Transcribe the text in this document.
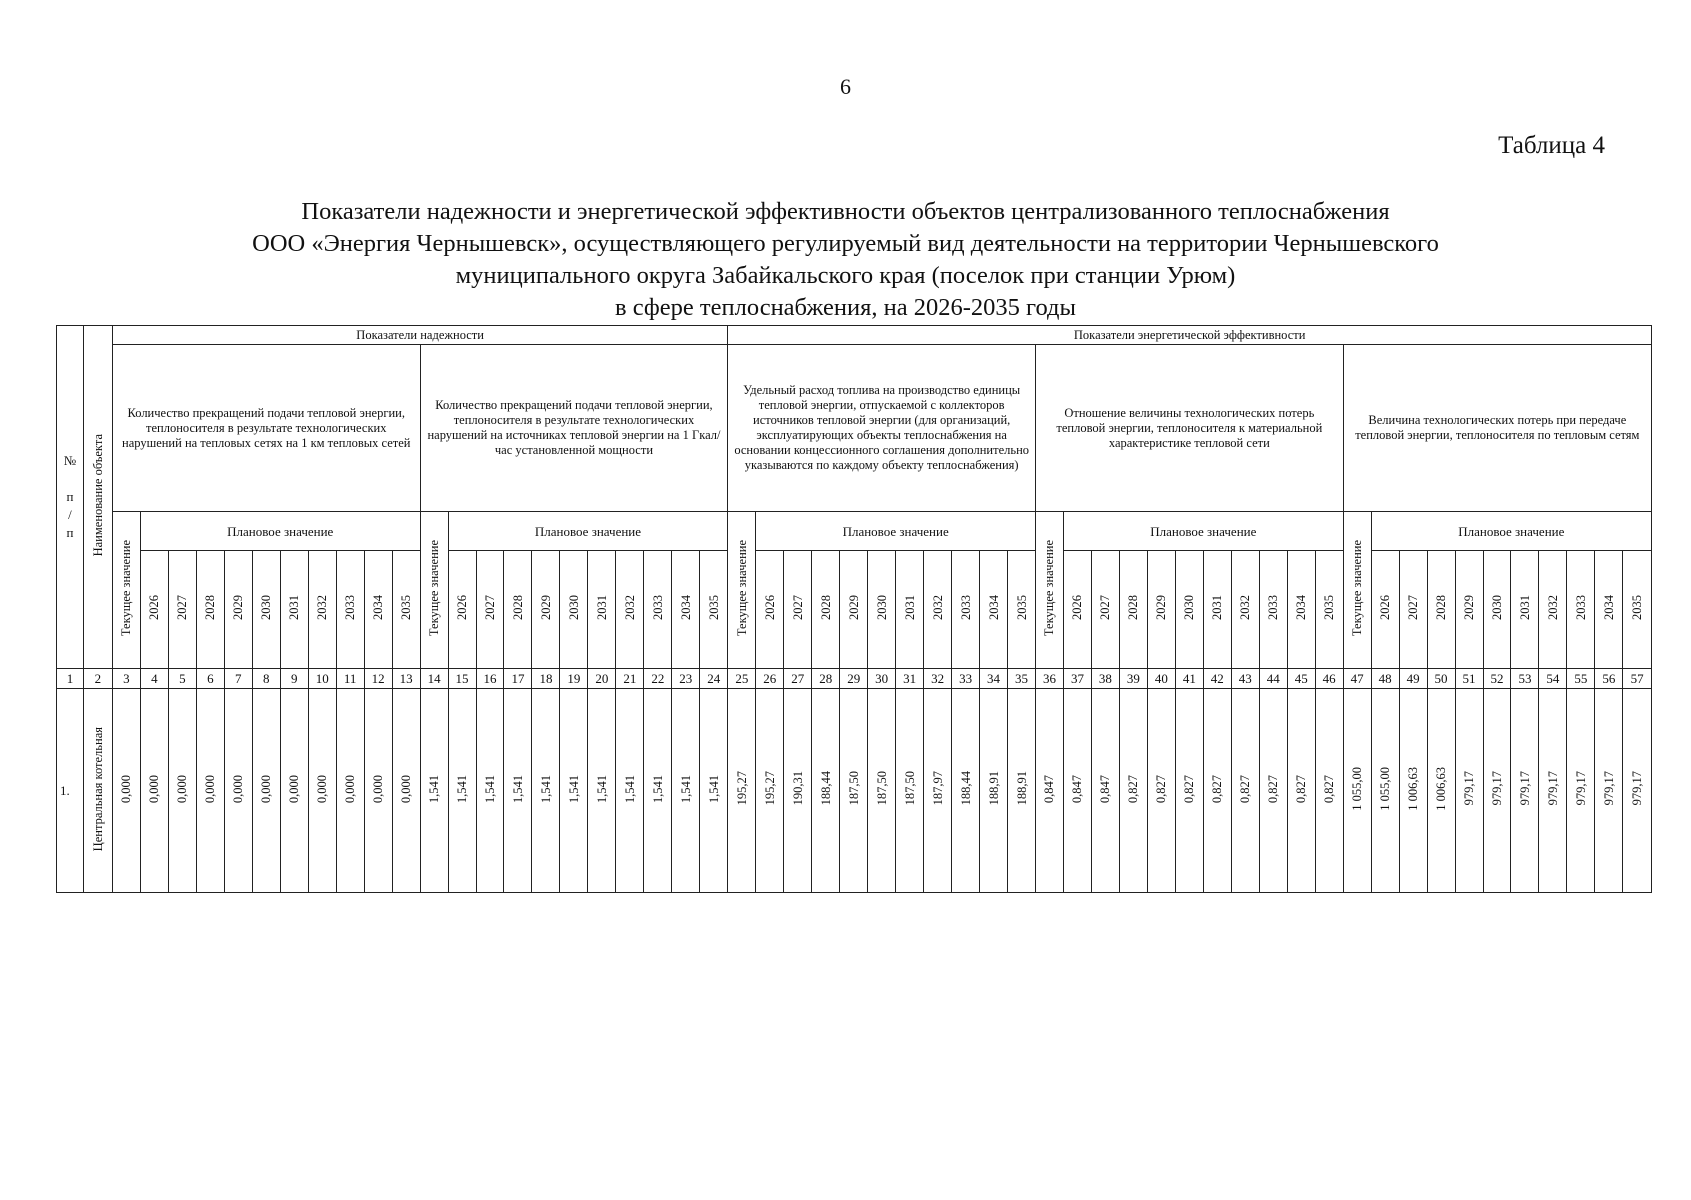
6
Таблица 4
Показатели надежности и энергетической эффективности объектов централизованного теплоснабжения
ООО «Энергия Чернышевск», осуществляющего регулируемый вид деятельности на территории Чернышевского
муниципального округа Забайкальского края (поселок при станции Урюм)
в сфере теплоснабжения, на 2026-2035 годы
№

п
/
п	Наименование объекта	Показатели надежности																						Показатели энергетической эффективности																																
		Количество прекращений подачи тепловой энергии, теплоносителя в результате технологических нарушений на тепловых сетях на 1 км тепловых сетей											Количество прекращений подачи тепловой энергии, теплоносителя в результате технологических нарушений на источниках тепловой энергии на 1 Гкал/час установленной мощности											Удельный расход топлива на производство единицы тепловой энергии, отпускаемой с коллекторов источников тепловой энергии (для организаций, эксплуатирующих объекты теплоснабжения на основании концессионного соглашения дополнительно указываются по каждому объекту теплоснабжения)											Отношение величины технологических потерь тепловой энергии, теплоносителя к материальной характеристике тепловой сети											Величина технологических потерь при передаче тепловой энергии, теплоносителя по тепловым сетям										
		Текущее значение	Плановое значение										Текущее значение	Плановое значение										Текущее значение	Плановое значение										Текущее значение	Плановое значение										Текущее значение	Плановое значение									
			2026	2027	2028	2029	2030	2031	2032	2033	2034	2035		2026	2027	2028	2029	2030	2031	2032	2033	2034	2035		2026	2027	2028	2029	2030	2031	2032	2033	2034	2035		2026	2027	2028	2029	2030	2031	2032	2033	2034	2035		2026	2027	2028	2029	2030	2031	2032	2033	2034	2035
1	2	3	4	5	6	7	8	9	10	11	12	13	14	15	16	17	18	19	20	21	22	23	24	25	26	27	28	29	30	31	32	33	34	35	36	37	38	39	40	41	42	43	44	45	46	47	48	49	50	51	52	53	54	55	56	57
1.	Центральная котельная	0,000	0,000	0,000	0,000	0,000	0,000	0,000	0,000	0,000	0,000	0,000	1,541	1,541	1,541	1,541	1,541	1,541	1,541	1,541	1,541	1,541	1,541	195,27	195,27	190,31	188,44	187,50	187,50	187,50	187,97	188,44	188,91	188,91	0,847	0,847	0,847	0,827	0,827	0,827	0,827	0,827	0,827	0,827	0,827	1 055,00	1 055,00	1 006,63	1 006,63	979,17	979,17	979,17	979,17	979,17	979,17	979,17
